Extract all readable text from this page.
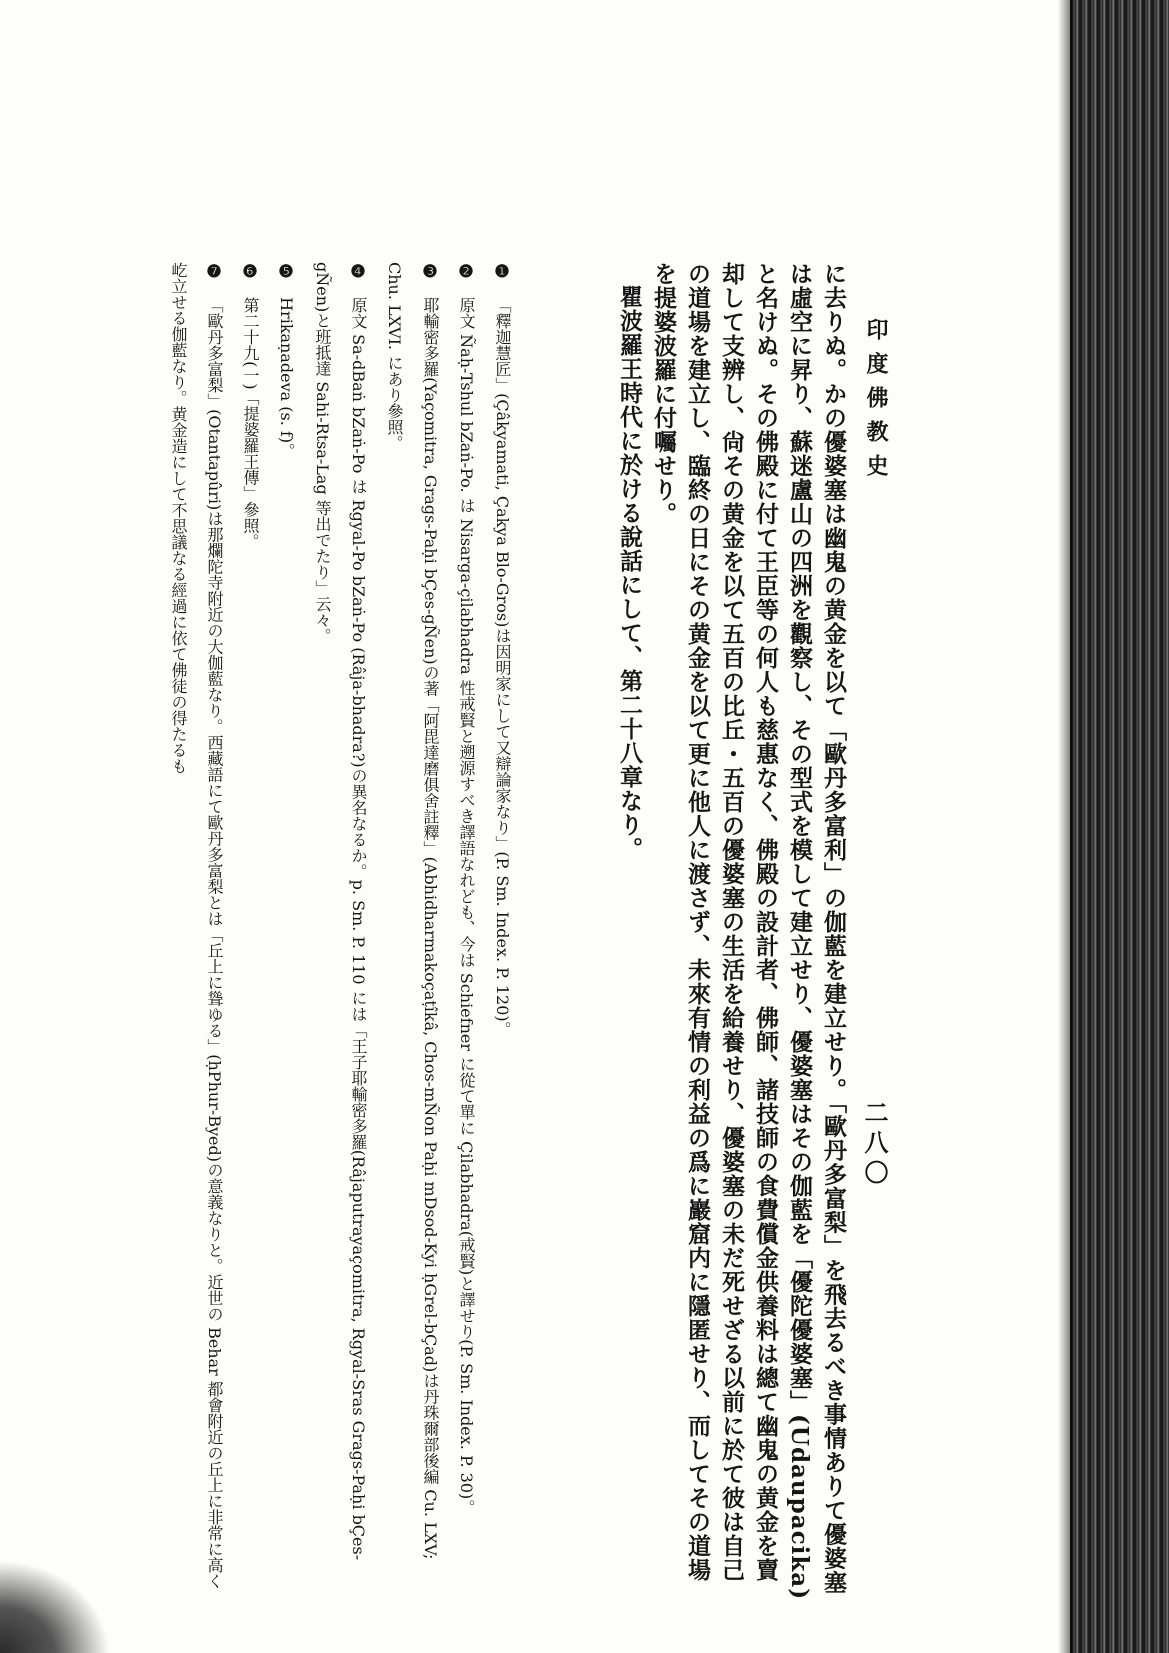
印度佛教史
二八〇

に去りぬ。かの優婆塞は幽鬼の黄金を以て「歐丹多富利」の伽藍を建立せり。「歐丹多富梨」を飛去るべき事情ありて優婆塞は虛空に昇り、蘇迷盧山の四洲を觀察し、その型式を模して建立せり、優婆塞はその伽藍を「優陀優婆塞」(Udaupacika)と名けぬ。その佛殿に付て王臣等の何人も慈惠なく、佛殿の設計者、佛師、諸技師の食費償金供養料は總て幽鬼の黄金を賣却して支辨し、尙その黄金を以て五百の比丘・五百の優婆塞の生活を給養せり、優婆塞の未だ死せざる以前に於て彼は自己の道場を建立し、臨終の日にその黄金を以て更に他人に渡さず、未來有情の利益の爲に巖窟内に隱匿せり、而してその道場を提婆波羅に付囑せり。

瞿波羅王時代に於ける說話にして、第二十八章なり。

❶ 「釋迦慧匠」(Çâkyamati, Çakya Blo-Gros)は因明家にして又辯論家なり」(P. Sm. Index. P. 120)。

❷ 原文 Ñaḥ-Tshul bZaṅ-Po. は Nisarga-çilabhadra 性戒賢と遡源すべき譯語なれども、今は Schiefner に從て單に Çilabhadra(戒賢)と譯せり(P. Sm. Index. P. 30)。

❸ 耶輸密多羅(Yaçomitra, Grags-Paḥi bÇes-gÑen)の著「阿毘達磨俱舍註釋」(Abhidharmakoçaṭîkâ, Chos-mÑon Paḥi mDsod-Kyi ḥGrel-bÇad)は丹珠爾部後編 Cu. LXV; Chu. LXVI. にあり參照。

❹ 原文 Sa-dBaṅ bZaṅ-Po は Rgyal-Po bZaṅ-Po (Râja-bhadra?)の異名なるか。p. Sm. P. 110 には「王子耶輸密多羅(Râjaputrayaçomitra, Rgyal-Sras Grags-Paḥi bÇes-gÑen)と班抵達 Sahi-Rtsa-Lag 等出でたり」云々。

❺ Hrikaṇadeva (s. f)。

❻ 第二十九(一)「提婆羅王傳」參照。

❼ 「歐丹多富梨」(Otantapûri)は那爛陀寺附近の大伽藍なり。西藏語にて歐丹多富梨とは「丘上に聳ゆる」(ḥPhur-Byed)の意義なりと。近世の Behar 都會附近の丘上に非常に高く屹立せる伽藍なり。黄金造にして不思議なる經過に依て佛徒の得たるも
